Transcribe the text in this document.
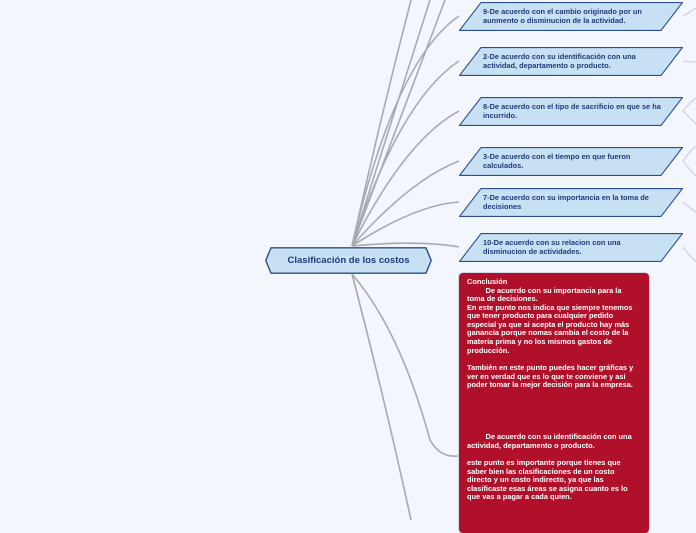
Clasificación de los costos
9-De acuerdo con el cambio originado por un aunmento o disminucion de la actividad.
2-De acuerdo con su identificación con una actividad, departamento o producto.
8-De acuerdo con el tipo de sacrificio en que se ha incurrido.
3-De acuerdo con el tiempo en que fueron calculados.
7-De acuerdo con su importancia en la toma de decisiones
10-De acuerdo con su relacion con una disminucion de actividades.

Conclusión

De acuerdo con su importancia para la toma de decisiones.
En este punto nos indica que siempre tenemos que tener producto para cualquier pedido especial ya que si acepta el producto hay más ganancia porque nomas cambia el costo de la materia prima y no los mismos gastos de producción.

También en este punto puedes hacer gráficas y ver en verdad que es lo que te conviene y así poder tomar la mejor decisión para la empresa.

De acuerdo con su identificación con una actividad, departamento o producto.

este punto es importante porque tienes que saber bien las clasificaciones de un costo directo y un costo indirecto, ya que las clasificaste esas áreas se asigna cuanto es lo que vas a pagar a cada quien.
